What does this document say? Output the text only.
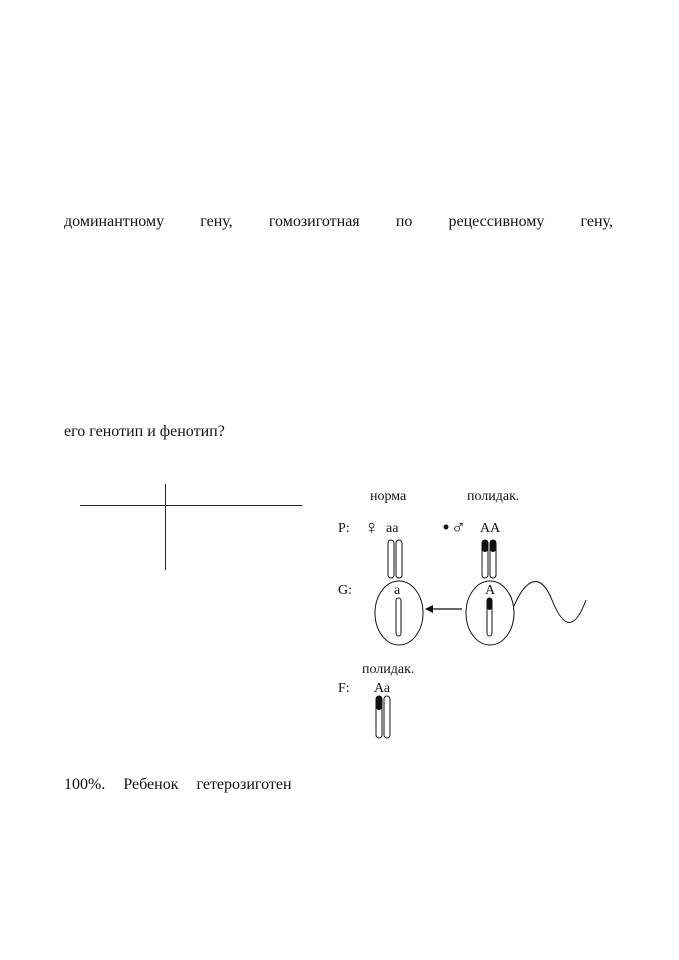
доминантному гену, гомозиготная по рецессивному гену,
его генотип и фенотип?
норма	полидак.
P: ♀ аа	♂ АА
G:	а	А
полидак.
F: Аа
100%. Ребенок гетерозиготен
